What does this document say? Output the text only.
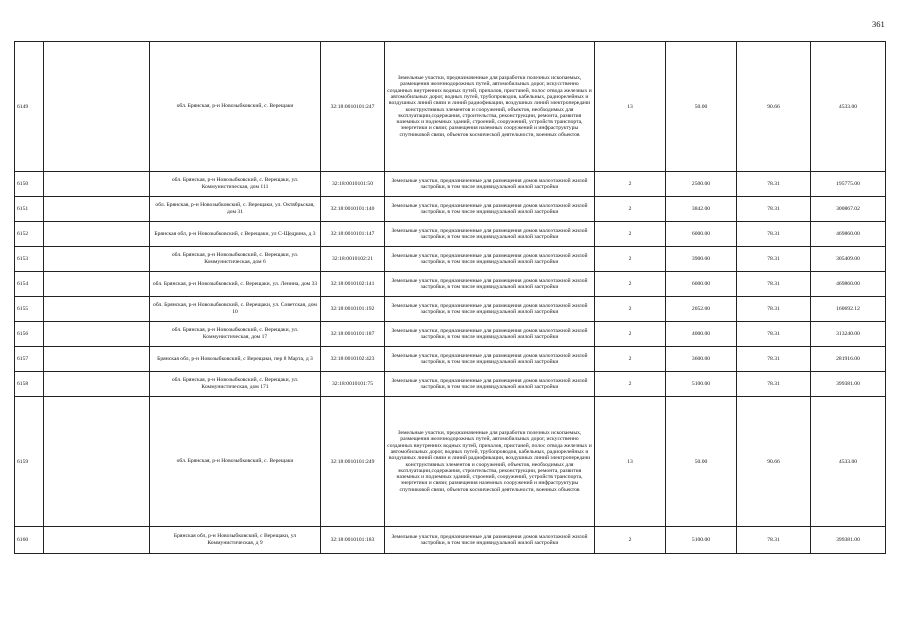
361
6149		обл. Брянская, р-н Новозыбковский, с. Верещаки	32:18:0010101:247	Земельные участки, предназначенные для разработки полезных ископаемых, размещения железнодорожных путей, автомобильных дорог, искусственно созданных внутренних водных путей, причалов, пристаней, полос отвода железных и автомобильных дорог, водных путей, трубопроводов, кабельных, радиорелейных и воздушных линий связи и линий радиофикации, воздушных линий электропередачи конструктивных элементов и сооружений, объектов, необходимых для эксплуатации,содержания, строительства, реконструкции, ремонта, развития наземных и подземных зданий, строений, сооружений, устройств транспорта, энергетики и связи; размещения наземных сооружений и инфраструктуры спутниковой связи, объектов космической деятельности, военных объектов	13	50.00	90.66	4533.00
6150		обл. Брянская, р-н Новозыбковский, с. Верещаки, ул. Коммунистическая, дом 111	32:18:0010101:50	Земельные участки, предназначенные для размещения домов малоэтажной жилой застройки, в том числе индивидуальной жилой застройки	2	2500.00	78.31	195775.00
6151		обл. Брянская, р-н Новозыбковский, с. Верещаки, ул. Октябрьская, дом 31	32:18:0010101:140	Земельные участки, предназначенные для размещения домов малоэтажной жилой застройки, в том числе индивидуальной жилой застройки	2	3842.00	78.31	300867.02
6152		Брянская обл, р-н Новозыбковский, с Верещаки, ул С-Щедрина, д 3	32:18:0010101:147	Земельные участки, предназначенные для размещения домов малоэтажной жилой застройки, в том числе индивидуальной жилой застройки	2	6000.00	78.31	469860.00
6153		обл. Брянская, р-н Новозыбковский, с. Верещаки, ул. Коммунистическая, дом 6	32:18:0010102:21	Земельные участки, предназначенные для размещения домов малоэтажной жилой застройки, в том числе индивидуальной жилой застройки	2	3900.00	78.31	305409.00
6154		обл. Брянская, р-н Новозыбковский, с. Верещаки, ул. Ленина, дом 33	32:18:0010102:141	Земельные участки, предназначенные для размещения домов малоэтажной жилой застройки, в том числе индивидуальной жилой застройки	2	6000.00	78.31	469860.00
6155		обл. Брянская, р-н Новозыбковский, с. Верещаки, ул. Советская, дом 10	32:18:0010101:192	Земельные участки, предназначенные для размещения домов малоэтажной жилой застройки, в том числе индивидуальной жилой застройки	2	2052.00	78.31	160692.12
6156		обл. Брянская, р-н Новозыбковский, с. Верещаки, ул. Коммунистическая, дом 17	32:18:0010101:187	Земельные участки, предназначенные для размещения домов малоэтажной жилой застройки, в том числе индивидуальной жилой застройки	2	4000.00	78.31	313240.00
6157		Брянская обл, р-н Новозыбковский, с Верещаки, пер 8 Марта, д 3	32:18:0010102:423	Земельные участки, предназначенные для размещения домов малоэтажной жилой застройки, в том числе индивидуальной жилой застройки	2	3600.00	78.31	281916.00
6158		обл. Брянская, р-н Новозыбковский, с. Верещаки, ул. Коммунистическая, дом 171	32:18:0010101:75	Земельные участки, предназначенные для размещения домов малоэтажной жилой застройки, в том числе индивидуальной жилой застройки	2	5100.00	78.31	399381.00
6159		обл. Брянская, р-н Новозыбковский, с. Верещаки	32:18:0010101:249	Земельные участки, предназначенные для разработки полезных ископаемых, размещения железнодорожных путей, автомобильных дорог, искусственно созданных внутренних водных путей, причалов, пристаней, полос отвода железных и автомобильных дорог, водных путей, трубопроводов, кабельных, радиорелейных и воздушных линий связи и линий радиофикации, воздушных линий электропередачи конструктивных элементов и сооружений, объектов, необходимых для эксплуатации,содержания, строительства, реконструкции, ремонта, развития наземных и подземных зданий, строений, сооружений, устройств транспорта, энергетики и связи; размещения наземных сооружений и инфраструктуры спутниковой связи, объектов космической деятельности, военных объектов	13	50.00	90.66	4533.00
6160		Брянская обл, р-н Новозыбковский, с Верещаки, ул Коммунистическая, д 9	32:18:0010101:183	Земельные участки, предназначенные для размещения домов малоэтажной жилой застройки, в том числе индивидуальной жилой застройки	2	5100.00	78.31	399381.00
